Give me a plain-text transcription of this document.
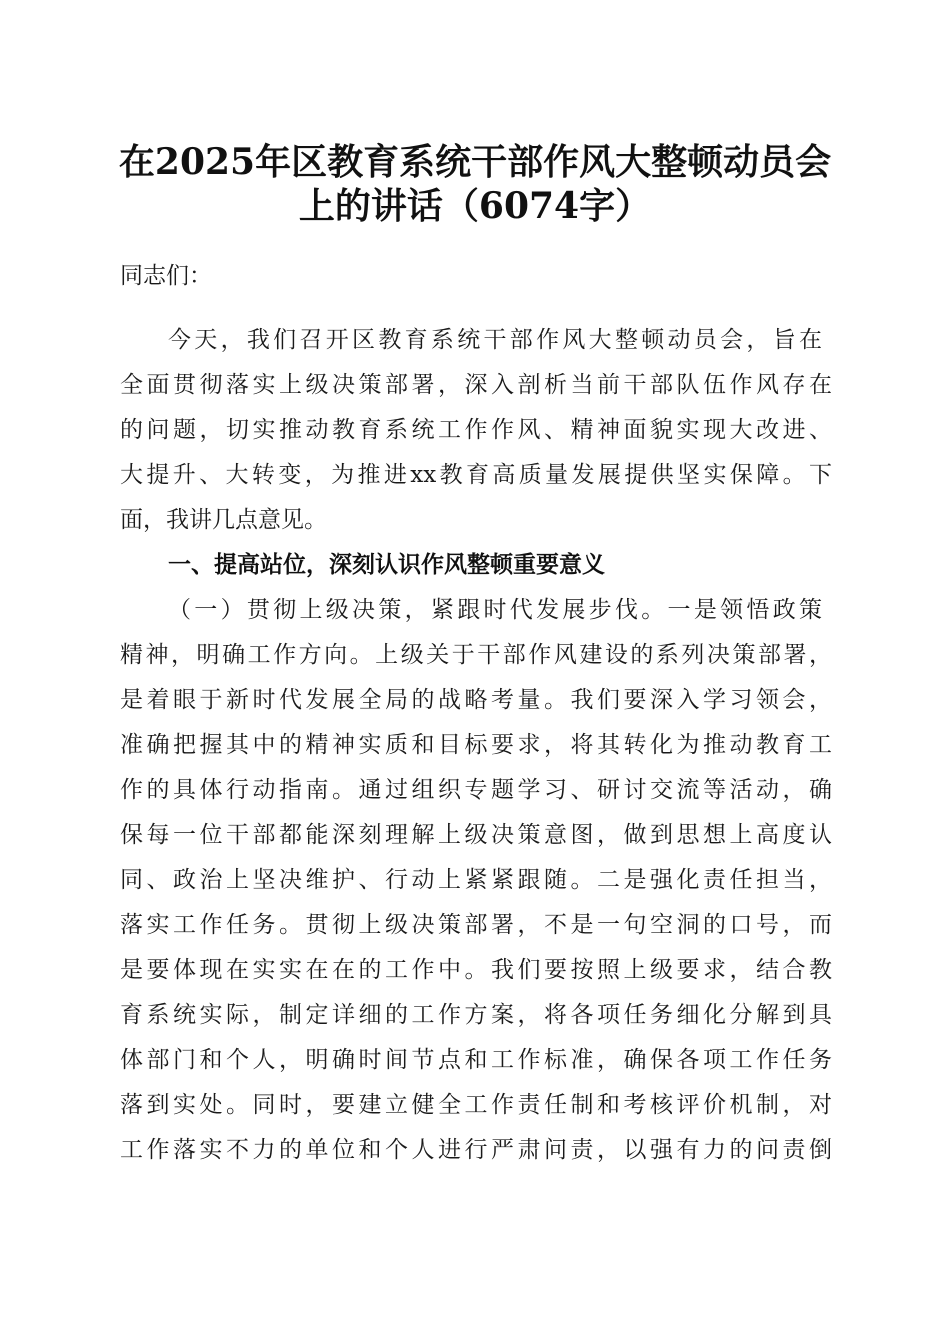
在2025年区教育系统干部作风大整顿动员会
上的讲话（6074字）
同志们：
今天，我们召开区教育系统干部作风大整顿动员会，旨在
全面贯彻落实上级决策部署，深入剖析当前干部队伍作风存在
的问题，切实推动教育系统工作作风、精神面貌实现大改进、
大提升、大转变，为推进xx教育高质量发展提供坚实保障。下
面，我讲几点意见。
一、提高站位，深刻认识作风整顿重要意义
（一）贯彻上级决策，紧跟时代发展步伐。一是领悟政策
精神，明确工作方向。上级关于干部作风建设的系列决策部署，
是着眼于新时代发展全局的战略考量。我们要深入学习领会，
准确把握其中的精神实质和目标要求，将其转化为推动教育工
作的具体行动指南。通过组织专题学习、研讨交流等活动，确
保每一位干部都能深刻理解上级决策意图，做到思想上高度认
同、政治上坚决维护、行动上紧紧跟随。二是强化责任担当，
落实工作任务。贯彻上级决策部署，不是一句空洞的口号，而
是要体现在实实在在的工作中。我们要按照上级要求，结合教
育系统实际，制定详细的工作方案，将各项任务细化分解到具
体部门和个人，明确时间节点和工作标准，确保各项工作任务
落到实处。同时，要建立健全工作责任制和考核评价机制，对
工作落实不力的单位和个人进行严肃问责，以强有力的问责倒
